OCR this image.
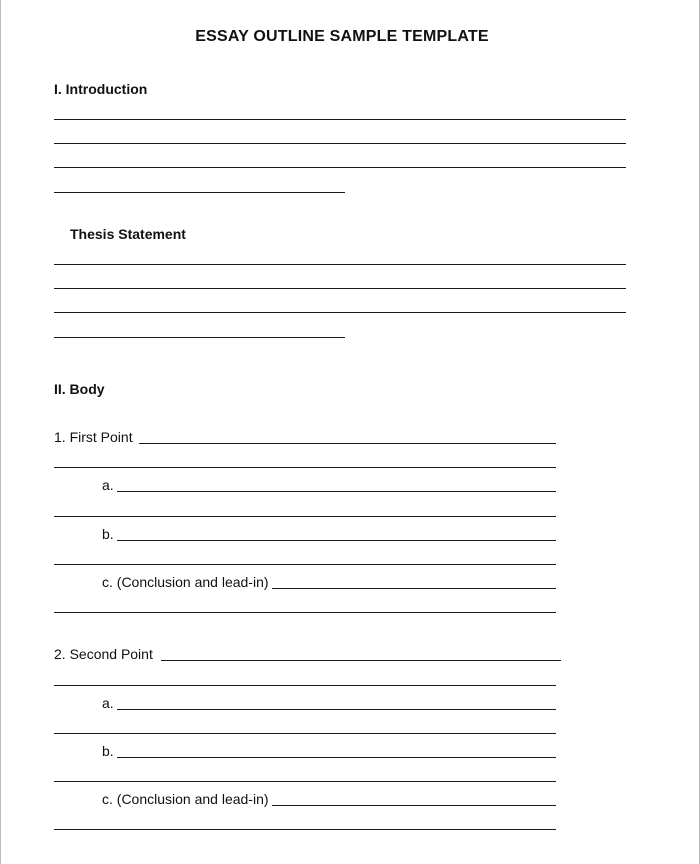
ESSAY OUTLINE SAMPLE TEMPLATE
I. Introduction
Thesis Statement
II. Body
1. First Point
a.
b.
c. (Conclusion and lead-in)
2. Second Point
a.
b.
c. (Conclusion and lead-in)
